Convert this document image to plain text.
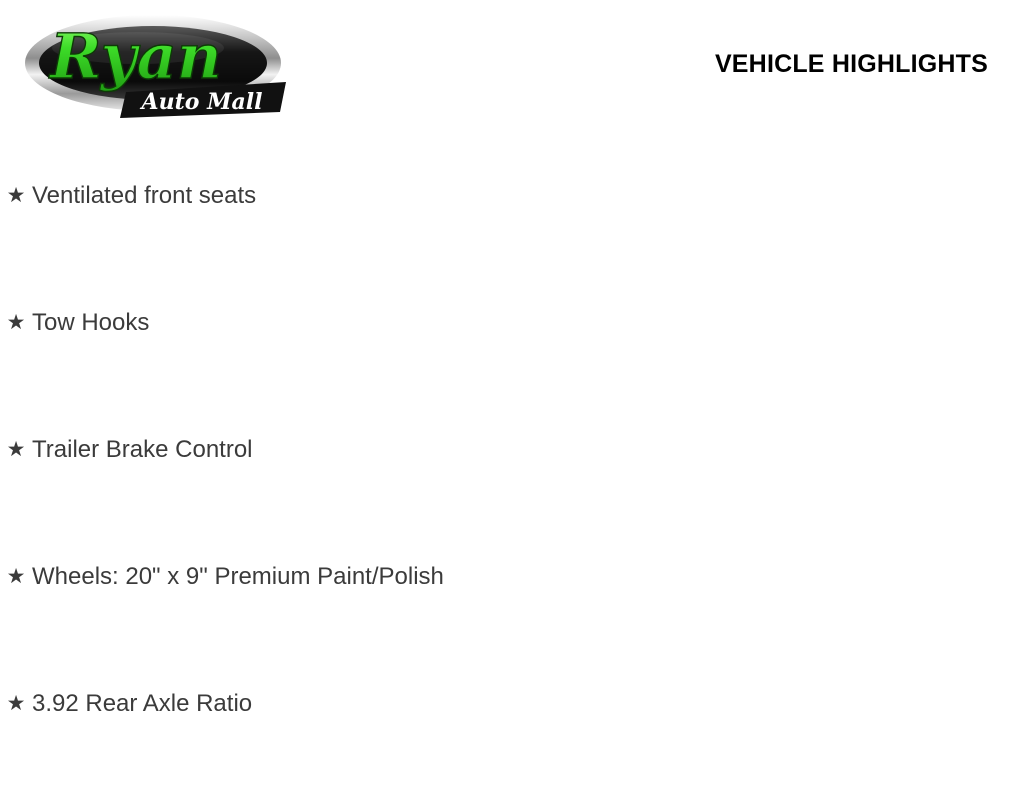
Ryan
Auto Mall
VEHICLE HIGHLIGHTS
★ Ventilated front seats
★ Tow Hooks
★ Trailer Brake Control
★ Wheels: 20" x 9" Premium Paint/Polish
★ 3.92 Rear Axle Ratio
